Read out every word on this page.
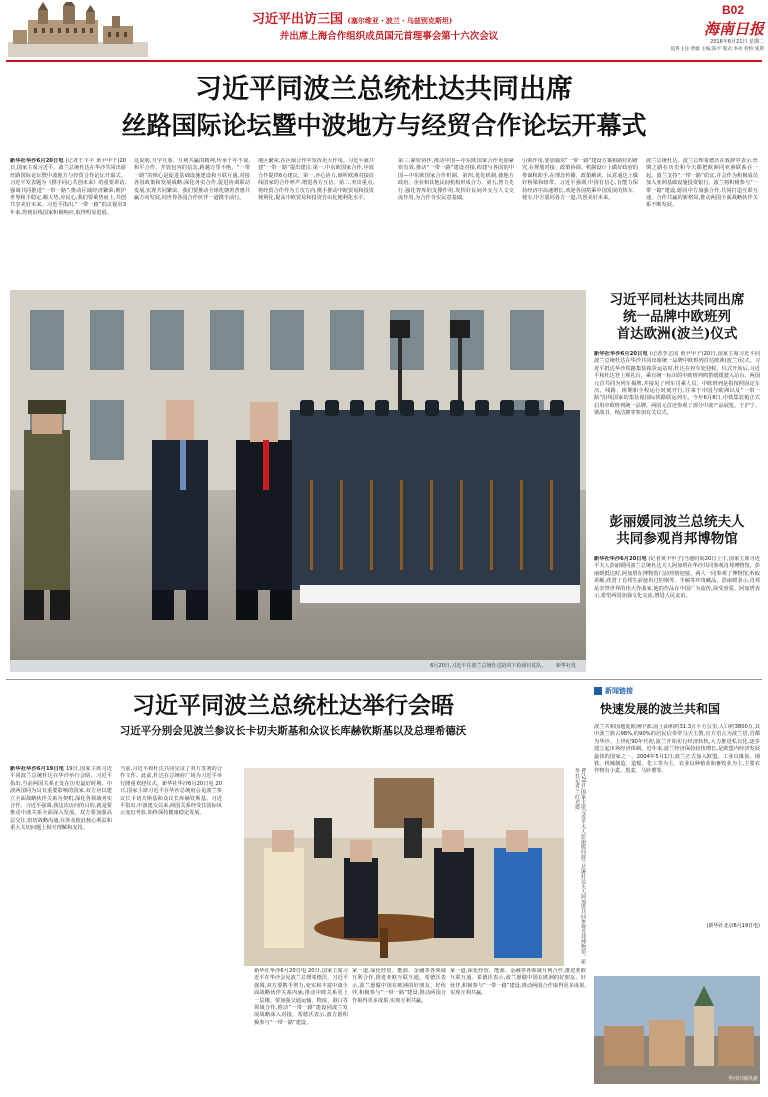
习近平出访三国 (塞尔维亚・波兰・乌兹别克斯坦)
并出席上海合作组织成员国元首理事会第十六次会议
B02
海南日报
2016年6月21日 星期二
值班主任:黄媛 主编:陈平 版式:李冰 检校:张斯
习近平同波兰总统杜达共同出席
丝路国际论坛暨中波地方与经贸合作论坛开幕式
新华社华沙6月20日电 (记者王丰丰 黄尹甲子)20日,国家主席习近平、波兰总统杜达在华沙共同出席丝路国际论坛暨中波地方与经贸合作论坛开幕式。习近平发表题为《携手同心共创未来》的重要讲话,强调共同推进“一带一路”,推动区域经济繁荣,维护世界和平稳定,顺大势,应民心,我们要乘势而上,共创共享美好未来。习近平指出,“一带一路”倡议提出3年来,得到沿线国家积极响应,取得明显进展。
这说明,互学互鉴、互利共赢的精神,传承千年不衰,和平合作、开放包容的信念,跨越万里不绝。“一带一路”的核心是促进基础设施建设和互联互通,对接各国政策和发展战略,深化务实合作,促进协调联动发展,实现共同繁荣。我们要推动全球化朝着普惠共赢方向发展,同世界各国合作伙伴一道携手前行。
地区繁荣,在区域合作中发挥更大作用。习近平就共建“一带一路”提出建议:第一,中东欧国家合作,中波合作提供6点建议。第一,齐心协力,倾听欧洲对接沿线国家的合作呼声,增进各方互信。第二,突出重点,将经贸合作作为主攻方向,携手推动中欧贸易和投资便利化,提高中欧贸易和投资自由化便利化水平。
第三,紧密协作,推动中国—中东欧国家合作更加紧密有效,推动“一带一路”建设对接,构建与各国的中国—中东欧国家合作机制。第四,优化机制,使地方政府、企业和其他民间机构形成合力。第五,智力先行,强化智库的支撑作用,发挥好民间外交与人文交流作用,为合作夯实民意基础。
引领作用,要加强对“一带一路”建设方案和路径的研究,在规划对接、政策协调、机制设计上做好政府的参谋和助手,在理念传播、政策解读、民意通达上做好桥梁和纽带。习近平强调,中国有信心,有能力保持经济中高速增长,欢迎各国搭乘中国发展的快车、便车,中方愿同各方一道,共创美好未来。
波兰总统杜达、波兰总理希德沃在致辞中表示,丝绸之路在历史和今天都把欧洲同亚洲联系在一起。波兰支持“一带一路”倡议,并会作为积极成员加入亚洲基础设施投资银行。波兰将积极参与“一带一路”建设,愿同中方加强合作,共同打造互联互通、合作共赢的新格局,推动两国全面战略伙伴关系不断发展。
6月20日,习近平在波兰总统杜达陪同下检阅仪仗队。 新华社发
习近平同杜达共同出席
统一品牌中欧班列
首达欧洲(波兰)仪式
新华社华沙6月20日电 (记者李志国 黄尹甲子)20日,国家主席习近平同波兰总统杜达在华沙共同出席统一品牌中欧班列首达欧洲(波兰)仪式。习近平抵达华沙铁路集装箱货运站时,杜达在停车处迎候。仪式开始后,习近平和杜达登上观礼台。乘有统一标识的中欧班列鸣笛缓缓驶入站台。两国元首共同为列车揭牌,并接见了列车司乘人员。中欧班列是指按照固定车次、线路、班期和全程运行时刻开行,往来于中国与欧洲以及“一带一路”沿线国家的集装箱国际铁路联运列车。今年6月8日,中铁集装箱正式启用中欧班列统一品牌。两国元首还参观了部分中波产品展览。王沪宁、栗战书、杨洁篪等参加有关仪式。
彭丽媛同波兰总统夫人
共同参观肖邦博物馆
新华社华沙6月20日电 (记者黄尹甲子)当地时间20日上午,国家主席习近平夫人彭丽媛同波兰总统杜达夫人阿加塔在华沙共同参观肖邦博物馆。彭丽媛抵达时,阿加塔在博物馆门前热情迎接。两人一同参观了博物馆,听取讲解,欣赏了肖邦生前使用过的钢琴、手稿等珍贵藏品。彭丽媛表示,肖邦是享誉世界的伟大作曲家,他的作品在中国广为流传,深受喜爱。阿加塔表示,希望两国加强文化交流,增进人民友谊。
习近平同波兰总统杜达举行会晤
习近平分别会见波兰参议长卡切夫斯基和众议长库赫钦斯基以及总理希德沃
新华社华沙6月19日电 19日,国家主席习近平同波兰总统杜达在华沙举行会晤。习近平指出,当前两国关系正处在历史最好时期。中波两国同为具有重要影响的国家,双方应以建立全面战略伙伴关系为契机,深化各领域务实合作。习近平强调,我这次访问的目的,就是要推动中波关系全面深入发展。双方要加强高层交往,密切战略沟通,在涉及彼此核心利益和重大关切问题上相互理解和支持。
当前,习近平和杜达共同见证了双方签署的合作文件。此前,杜达在总统府广场为习近平举行隆重欢迎仪式。新华社华沙6月20日电 20日,国家主席习近平在华沙总统府会见波兰参议长卡切夫斯基和众议长库赫钦斯基。习近平指出,中波建交以来,两国关系经受住国际风云变幻考验,始终保持健康稳定发展。
新华社华沙6月20日电 20日,国家主席习近平在华沙会见波兰总理希德沃。习近平强调,双方要携手努力,充实和丰富中波全面战略伙伴关系内涵,推动中欧关系更上一层楼。要加强交通运输、物流、港口等领域合作,推动“一带一路”建设同波兰发展战略深入对接。希德沃表示,波方愿积极参与“一带一路”建设。
家一道,深化经贸、能源、金融等各领域互利合作,推进亚欧互联互通。希德沃表示,波兰愿做中国在欧洲的好朋友、好伙伴,积极参与“一带一路”建设,推动两国合作取得更多成果,实现互利共赢。
家一道,深化经贸、能源、金融等各领域互利合作,推进亚欧互联互通。希德沃表示,波兰愿做中国在欧洲的好朋友、好伙伴,积极参与“一带一路”建设,推动两国合作取得更多成果,实现互利共赢。
6月20日,国家主席习近平夫人彭丽媛同波兰总统杜达夫人阿加塔共同参观肖邦博物馆。新华社记者 兰红光摄
新闻链接
快速发展的波兰共和国
波兰共和国地处欧洲中部,国土面积约31.3万平方公里,人口约3800万,其中波兰族占98%,约90%的居民信奉罗马天主教,官方语言为波兰语,首都为华沙。上世纪90年代初,波兰开始实行经济转轨,大力推进私有化,逐步建立起市场经济体制。近年来,波兰经济保持较快增长,是欧盟内经济发展最快的国家之一。2004年5月1日,波兰正式加入欧盟。工业以煤炭、钢铁、机械制造、造船、化工等为主。农业以种植业和畜牧业为主,主要农作物有小麦、黑麦、马铃薯等。
(新华社北京6月19日电)
华沙旧城风貌
